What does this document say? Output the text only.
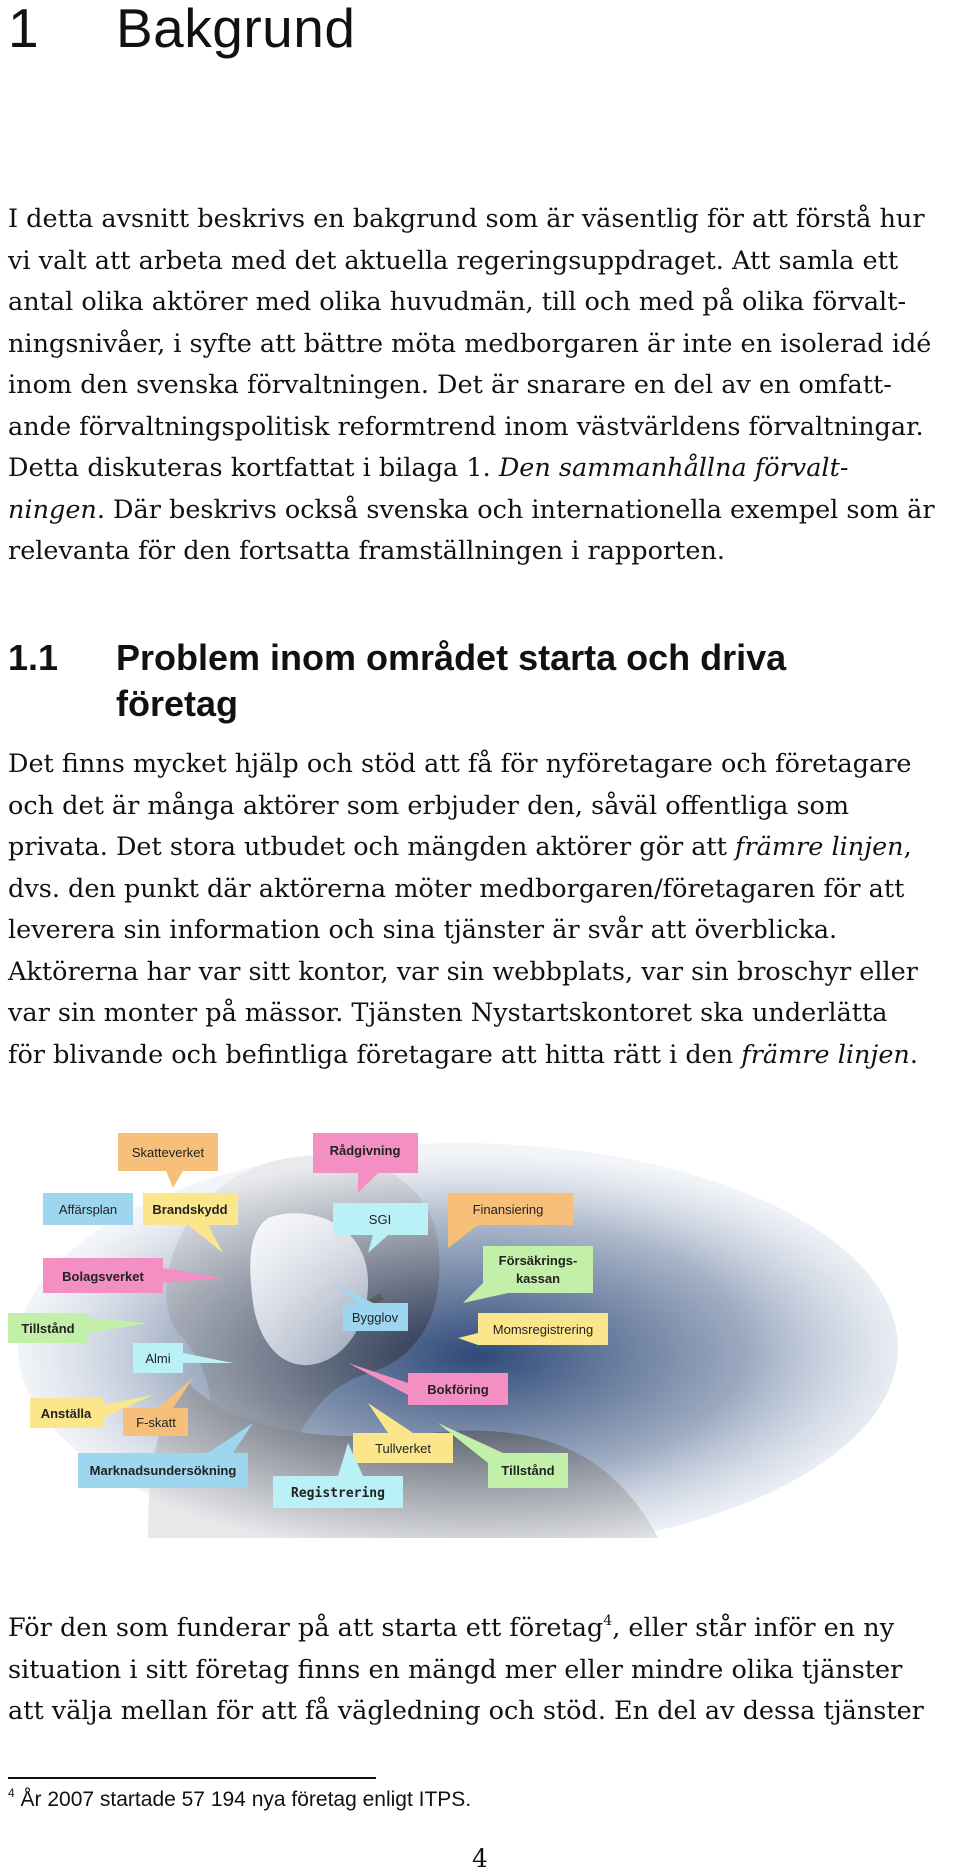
1 Bakgrund

I detta avsnitt beskrivs en bakgrund som är väsentlig för att förstå hur
vi valt att arbeta med det aktuella regeringsuppdraget. Att samla ett
antal olika aktörer med olika huvudmän, till och med på olika förvalt-
ningsnivåer, i syfte att bättre möta medborgaren är inte en isolerad idé
inom den svenska förvaltningen. Det är snarare en del av en omfatt-
ande förvaltningspolitisk reformtrend inom västvärldens förvaltningar.
Detta diskuteras kortfattat i bilaga 1. Den sammanhållna förvalt-
ningen. Där beskrivs också svenska och internationella exempel som är
relevanta för den fortsatta framställningen i rapporten.

1.1 Problem inom området starta och driva
företag

Det finns mycket hjälp och stöd att få för nyföretagare och företagare
och det är många aktörer som erbjuder den, såväl offentliga som
privata. Det stora utbudet och mängden aktörer gör att främre linjen,
dvs. den punkt där aktörerna möter medborgaren/företagaren för att
leverera sin information och sina tjänster är svår att överblicka.
Aktörerna har var sitt kontor, var sin webbplats, var sin broschyr eller
var sin monter på mässor. Tjänsten Nystartskontoret ska underlätta
för blivande och befintliga företagare att hitta rätt i den främre linjen.

Skatteverket	Rådgivning
Affärsplan	Brandskydd
SGI
Finansiering
Försäkrings-
kassan
Bolagsverket
Tillstånd
Bygglov
Momsregistrering
Almi
Bokföring
Anställa
F-skatt
Tullverket
Marknadsundersökning	Tillstånd
Registrering

För den som funderar på att starta ett företag$^4$, eller står inför en ny
situation i sitt företag finns en mängd mer eller mindre olika tjänster
att välja mellan för att få vägledning och stöd. En del av dessa tjänster

$^4$ År 2007 startade 57 194 nya företag enligt ITPS.
4
